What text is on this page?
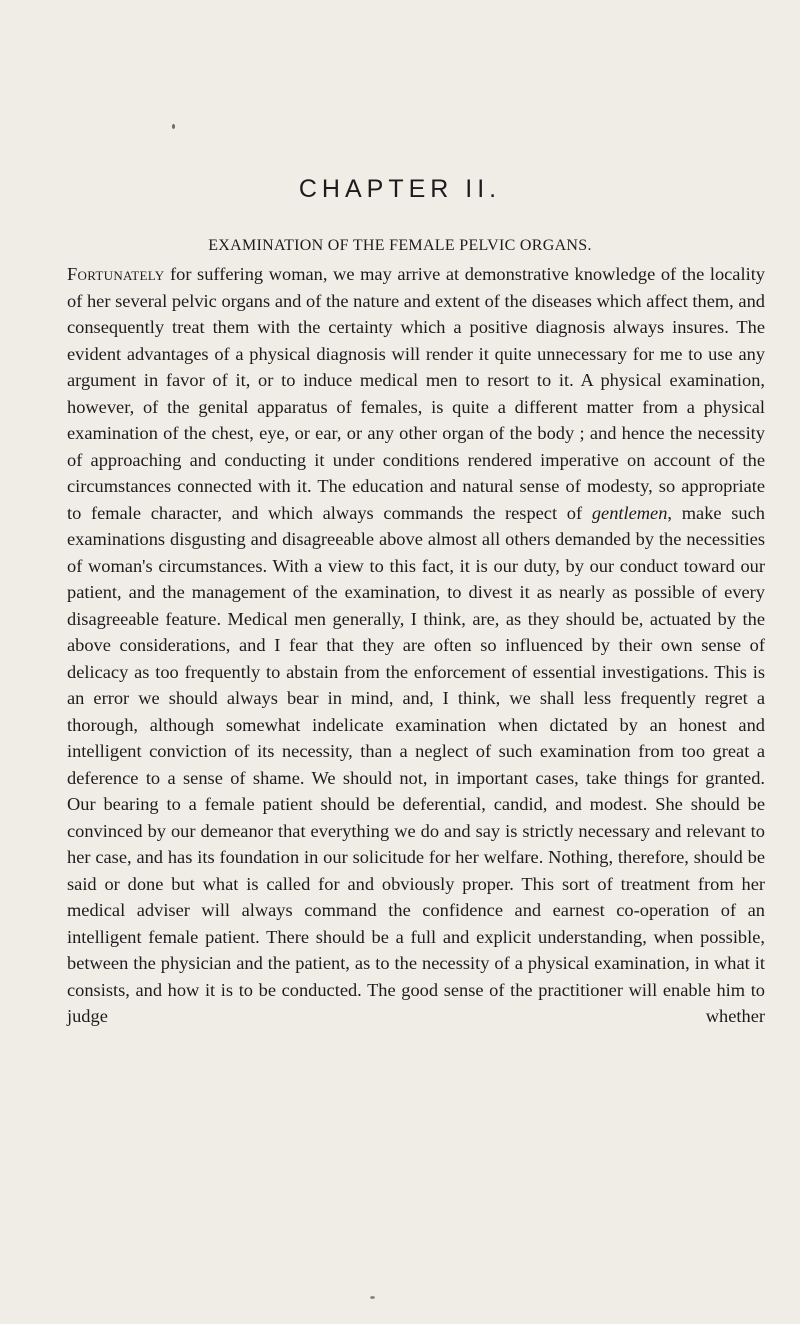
CHAPTER II.
EXAMINATION OF THE FEMALE PELVIC ORGANS.

Fortunately for suffering woman, we may arrive at demonstrative knowledge of the locality of her several pelvic organs and of the nature and extent of the diseases which affect them, and consequently treat them with the certainty which a positive diagnosis always insures. The evident advantages of a physical diagnosis will render it quite unnecessary for me to use any argument in favor of it, or to induce medical men to resort to it. A physical examination, however, of the genital apparatus of females, is quite a different matter from a physical examination of the chest, eye, or ear, or any other organ of the body ; and hence the necessity of approaching and conducting it under conditions rendered imperative on account of the circumstances connected with it. The education and natural sense of modesty, so appropriate to female character, and which always commands the respect of gentlemen, make such examinations disgusting and disagreeable above almost all others demanded by the necessities of woman's circumstances. With a view to this fact, it is our duty, by our conduct toward our patient, and the management of the examination, to divest it as nearly as possible of every disagreeable feature. Medical men generally, I think, are, as they should be, actuated by the above considerations, and I fear that they are often so influenced by their own sense of delicacy as too frequently to abstain from the enforcement of essential investigations. This is an error we should always bear in mind, and, I think, we shall less frequently regret a thorough, although somewhat indelicate examination when dictated by an honest and intelligent conviction of its necessity, than a neglect of such examination from too great a deference to a sense of shame. We should not, in important cases, take things for granted.

Our bearing to a female patient should be deferential, candid, and modest. She should be convinced by our demeanor that everything we do and say is strictly necessary and relevant to her case, and has its foundation in our solicitude for her welfare. Nothing, therefore, should be said or done but what is called for and obviously proper. This sort of treatment from her medical adviser will always command the confidence and earnest co-operation of an intelligent female patient. There should be a full and explicit understanding, when possible, between the physician and the patient, as to the necessity of a physical examination, in what it consists, and how it is to be conducted. The good sense of the practitioner will enable him to judge whether
